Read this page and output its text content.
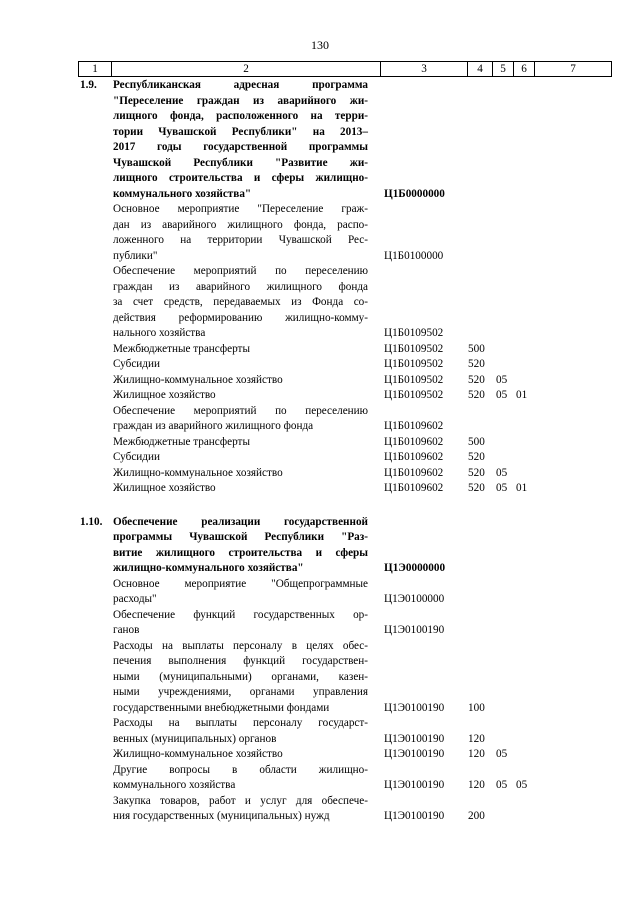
130
1	2	3	4	5	6	7
1.9. Республиканская адресная программа
"Переселение граждан из аварийного жи-
лищного фонда, расположенного на терри-
тории Чувашской Республики" на 2013–
2017 годы государственной программы
Чувашской Республики "Развитие жи-
лищного строительства и сферы жилищно-
коммунального хозяйства"	Ц1Б0000000
Основное мероприятие "Переселение граж-
дан из аварийного жилищного фонда, распо-
ложенного на территории Чувашской Рес-
публики"	Ц1Б0100000
Обеспечение мероприятий по переселению
граждан из аварийного жилищного фонда
за счет средств, передаваемых из Фонда со-
действия реформированию жилищно-комму-
нального хозяйства	Ц1Б0109502
Межбюджетные трансферты	Ц1Б0109502 500
Субсидии	Ц1Б0109502 520
Жилищно-коммунальное хозяйство	Ц1Б0109502 520 05
Жилищное хозяйство	Ц1Б0109502 520 05 01
Обеспечение мероприятий по переселению
граждан из аварийного жилищного фонда	Ц1Б0109602
Межбюджетные трансферты	Ц1Б0109602 500
Субсидии	Ц1Б0109602 520
Жилищно-коммунальное хозяйство	Ц1Б0109602 520 05
Жилищное хозяйство	Ц1Б0109602 520 05 01
1.10. Обеспечение реализации государственной
программы Чувашской Республики "Раз-
витие жилищного строительства и сферы
жилищно-коммунального хозяйства"	Ц1Э0000000
Основное мероприятие "Общепрограммные
расходы"	Ц1Э0100000
Обеспечение функций государственных ор-
ганов	Ц1Э0100190
Расходы на выплаты персоналу в целях обес-
печения выполнения функций государствен-
ными (муниципальными) органами, казен-
ными учреждениями, органами управления
государственными внебюджетными фондами	Ц1Э0100190 100
Расходы на выплаты персоналу государст-
венных (муниципальных) органов	Ц1Э0100190 120
Жилищно-коммунальное хозяйство	Ц1Э0100190 120 05
Другие вопросы в области жилищно-
коммунального хозяйства	Ц1Э0100190 120 05 05
Закупка товаров, работ и услуг для обеспече-
ния государственных (муниципальных) нужд	Ц1Э0100190 200
